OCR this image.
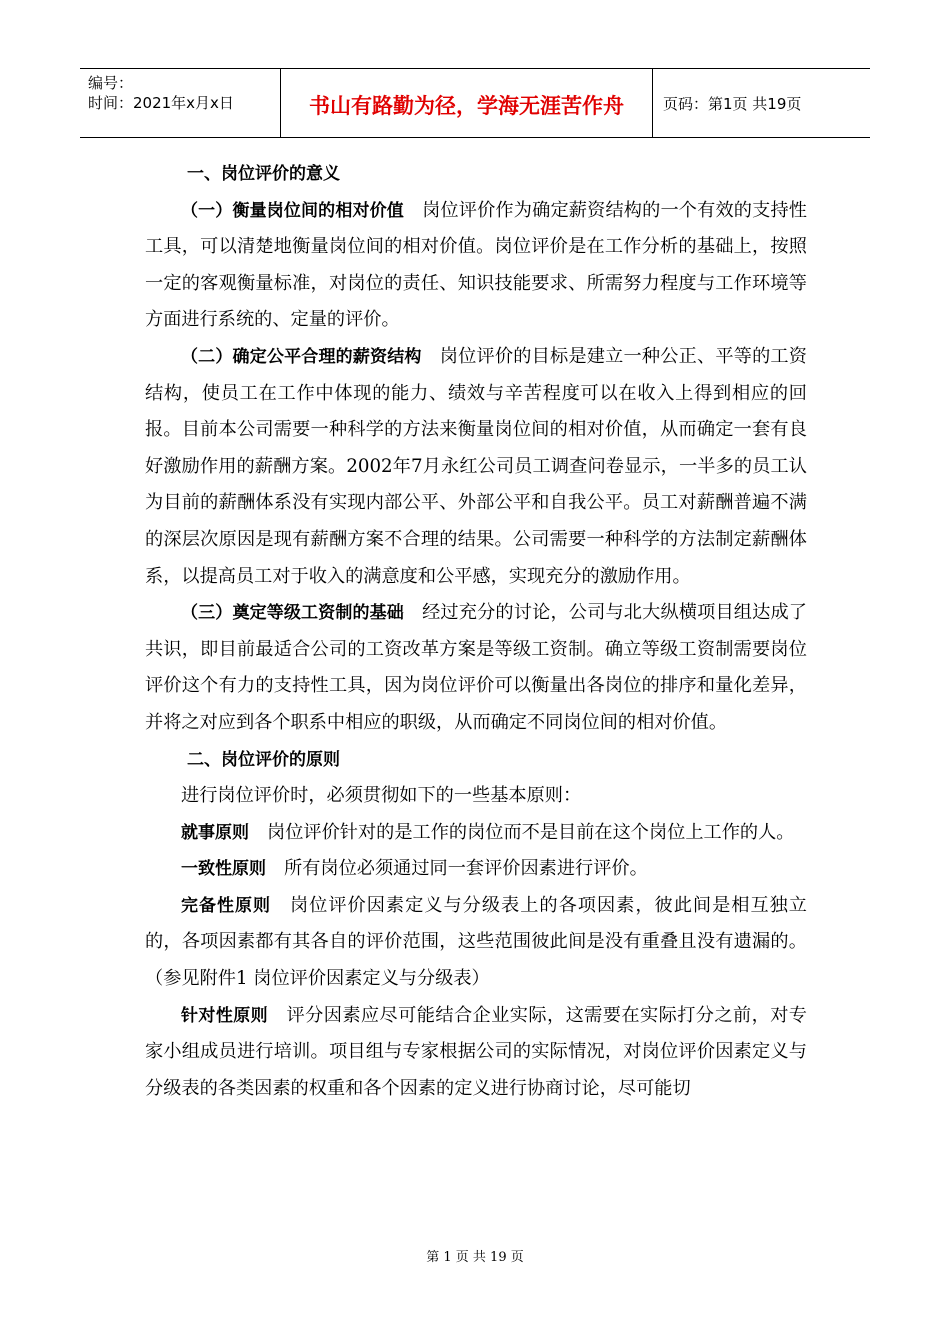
编号：
时间：2021年x月x日	书山有路勤为径，学海无涯苦作舟	页码：第1页 共19页

一、岗位评价的意义

（一）衡量岗位间的相对价值 岗位评价作为确定薪资结构的一个有效的支持性工具，可以清楚地衡量岗位间的相对价值。岗位评价是在工作分析的基础上，按照一定的客观衡量标准，对岗位的责任、知识技能要求、所需努力程度与工作环境等方面进行系统的、定量的评价。

（二）确定公平合理的薪资结构 岗位评价的目标是建立一种公正、平等的工资结构，使员工在工作中体现的能力、绩效与辛苦程度可以在收入上得到相应的回报。目前本公司需要一种科学的方法来衡量岗位间的相对价值，从而确定一套有良好激励作用的薪酬方案。2002年7月永红公司员工调查问卷显示，一半多的员工认为目前的薪酬体系没有实现内部公平、外部公平和自我公平。员工对薪酬普遍不满的深层次原因是现有薪酬方案不合理的结果。公司需要一种科学的方法制定薪酬体系，以提高员工对于收入的满意度和公平感，实现充分的激励作用。

（三）奠定等级工资制的基础 经过充分的讨论，公司与北大纵横项目组达成了共识，即目前最适合公司的工资改革方案是等级工资制。确立等级工资制需要岗位评价这个有力的支持性工具，因为岗位评价可以衡量出各岗位的排序和量化差异，并将之对应到各个职系中相应的职级，从而确定不同岗位间的相对价值。

二、岗位评价的原则

进行岗位评价时，必须贯彻如下的一些基本原则：

就事原则 岗位评价针对的是工作的岗位而不是目前在这个岗位上工作的人。

一致性原则 所有岗位必须通过同一套评价因素进行评价。

完备性原则 岗位评价因素定义与分级表上的各项因素，彼此间是相互独立的，各项因素都有其各自的评价范围，这些范围彼此间是没有重叠且没有遗漏的。（参见附件1 岗位评价因素定义与分级表）

针对性原则 评分因素应尽可能结合企业实际，这需要在实际打分之前，对专家小组成员进行培训。项目组与专家根据公司的实际情况，对岗位评价因素定义与分级表的各类因素的权重和各个因素的定义进行协商讨论，尽可能切

第 1 页 共 19 页
